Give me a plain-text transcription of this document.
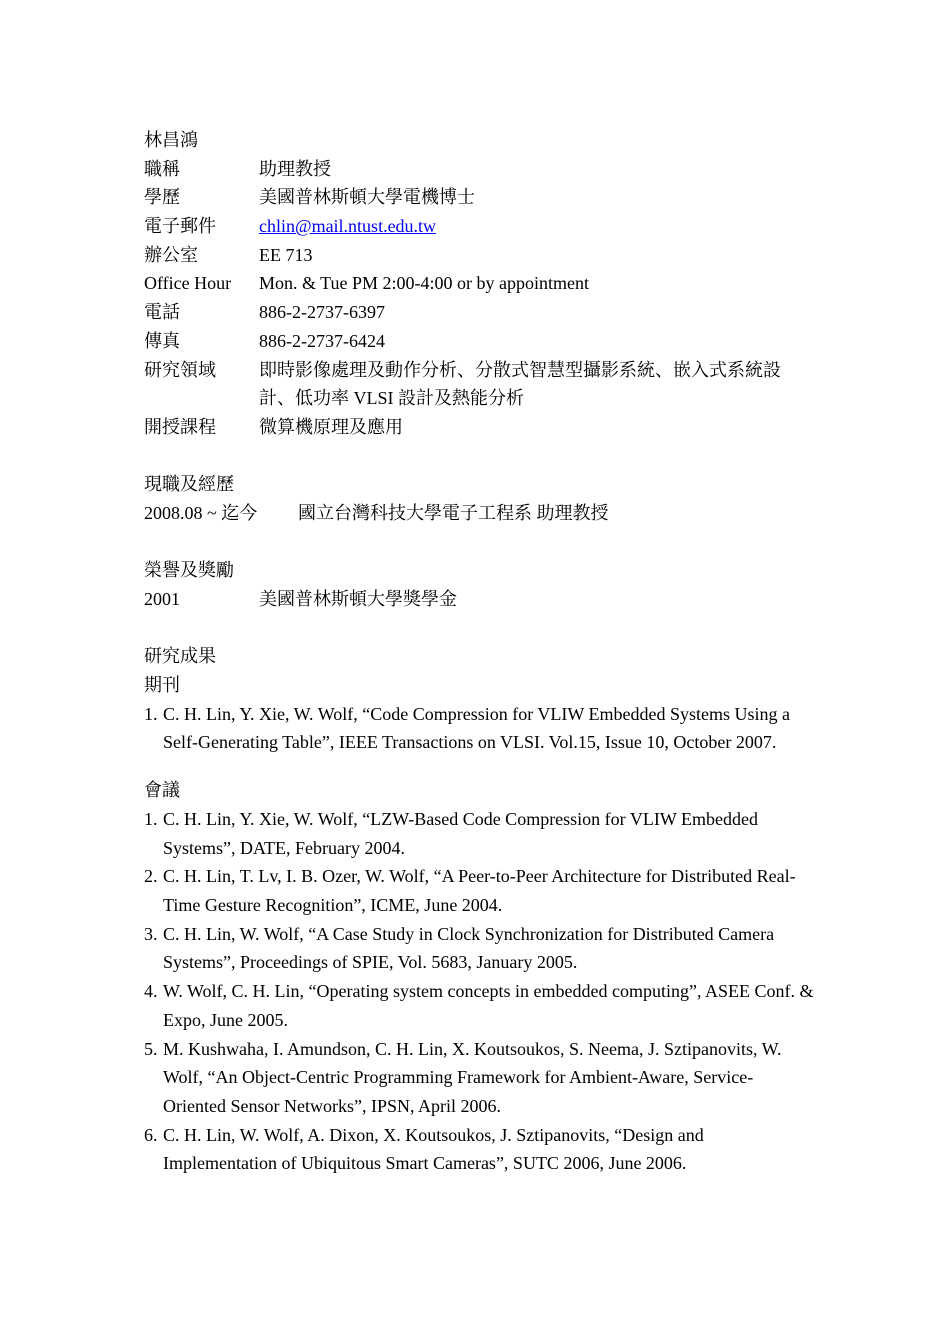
林昌鴻
職稱	助理教授
學歷	美國普林斯頓大學電機博士
電子郵件	chlin@mail.ntust.edu.tw
辦公室	EE 713
Office Hour	Mon. & Tue PM 2:00-4:00 or by appointment
電話	886-2-2737-6397
傳真	886-2-2737-6424
研究領域	即時影像處理及動作分析、分散式智慧型攝影系統、嵌入式系統設計、低功率 VLSI 設計及熱能分析
開授課程	微算機原理及應用
現職及經歷
2008.08 ~ 迄今 國立台灣科技大學電子工程系 助理教授
榮譽及獎勵
2001	美國普林斯頓大學獎學金
研究成果
期刊
1. C. H. Lin, Y. Xie, W. Wolf, “Code Compression for VLIW Embedded Systems Using a Self-Generating Table”, IEEE Transactions on VLSI. Vol.15, Issue 10, October 2007.
會議
1. C. H. Lin, Y. Xie, W. Wolf, “LZW-Based Code Compression for VLIW Embedded Systems”, DATE, February 2004.
2. C. H. Lin, T. Lv, I. B. Ozer, W. Wolf, “A Peer-to-Peer Architecture for Distributed Real-Time Gesture Recognition”, ICME, June 2004.
3. C. H. Lin, W. Wolf, “A Case Study in Clock Synchronization for Distributed Camera Systems”, Proceedings of SPIE, Vol. 5683, January 2005.
4. W. Wolf, C. H. Lin, “Operating system concepts in embedded computing”, ASEE Conf. & Expo, June 2005.
5. M. Kushwaha, I. Amundson, C. H. Lin, X. Koutsoukos, S. Neema, J. Sztipanovits, W. Wolf, “An Object-Centric Programming Framework for Ambient-Aware, Service-Oriented Sensor Networks”, IPSN, April 2006.
6. C. H. Lin, W. Wolf, A. Dixon, X. Koutsoukos, J. Sztipanovits, “Design and Implementation of Ubiquitous Smart Cameras”, SUTC 2006, June 2006.
